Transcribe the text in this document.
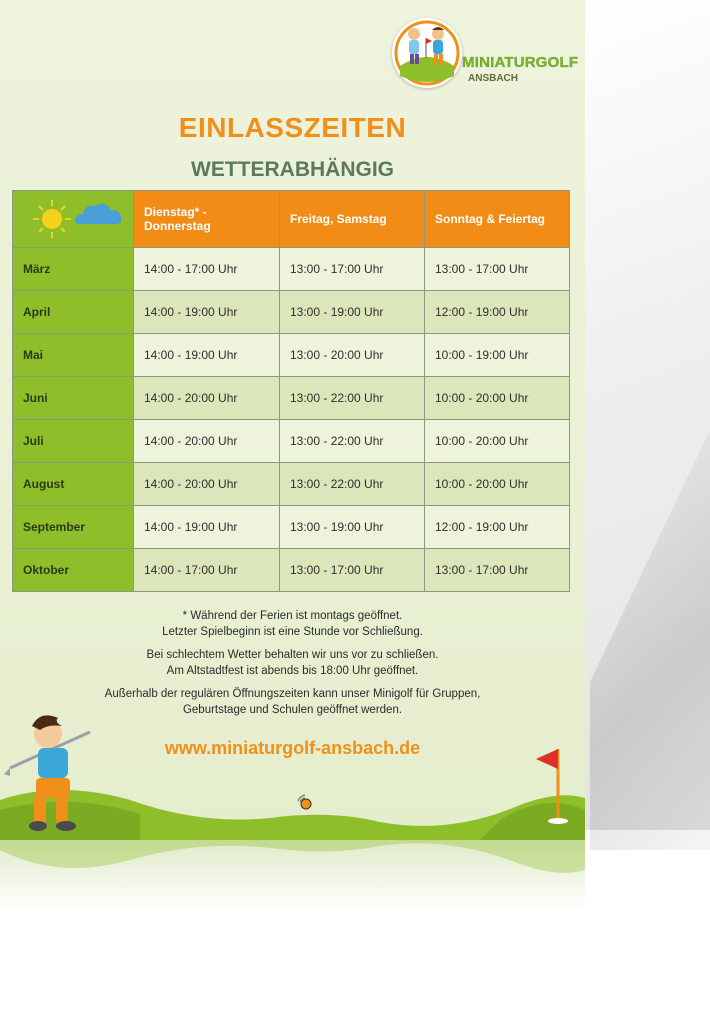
MINIATURGOLF
ANSBACH
EINLASSZEITEN
WETTERABHÄNGIG
	Dienstag* - Donnerstag	Freitag, Samstag	Sonntag & Feiertag
März	14:00 - 17:00 Uhr	13:00 - 17:00 Uhr	13:00 - 17:00 Uhr
April	14:00 - 19:00 Uhr	13:00 - 19:00 Uhr	12:00 - 19:00 Uhr
Mai	14:00 - 19:00 Uhr	13:00 - 20:00 Uhr	10:00 - 19:00 Uhr
Juni	14:00 - 20:00 Uhr	13:00 - 22:00 Uhr	10:00 - 20:00 Uhr
Juli	14:00 - 20:00 Uhr	13:00 - 22:00 Uhr	10:00 - 20:00 Uhr
August	14:00 - 20:00 Uhr	13:00 - 22:00 Uhr	10:00 - 20:00 Uhr
September	14:00 - 19:00 Uhr	13:00 - 19:00 Uhr	12:00 - 19:00 Uhr
Oktober	14:00 - 17:00 Uhr	13:00 - 17:00 Uhr	13:00 - 17:00 Uhr

* Während der Ferien ist montags geöffnet.
Letzter Spielbeginn ist eine Stunde vor Schließung.

Bei schlechtem Wetter behalten wir uns vor zu schließen.
Am Altstadtfest ist abends bis 18:00 Uhr geöffnet.

Außerhalb der regulären Öffnungszeiten kann unser Minigolf für Gruppen,
Geburtstage und Schulen geöffnet werden.

www.miniaturgolf-ansbach.de
